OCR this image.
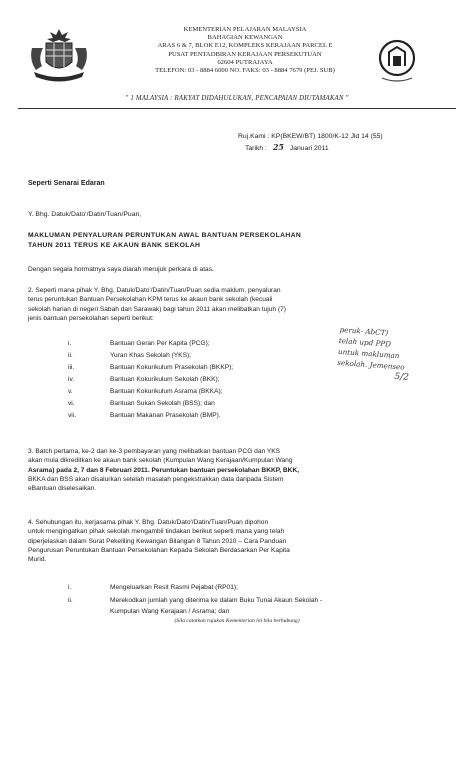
KEMENTERIAN PELAJARAN MALAYSIA
BAHAGIAN KEWANGAN
ARAS 6 & 7, BLOK E12, KOMPLEKS KERAJAAN PARCEL E
PUSAT PENTADBIRAN KERAJAAN PERSEKUTUAN
62604 PUTRAJAYA
TELEFON: 03 - 8884 6000 NO. FAKS: 03 - 8884 7679 (PEJ. SUB)
" 1 MALAYSIA : RAKYAT DIDAHULUKAN, PENCAPAIAN DIUTAMAKAN "
Ruj.Kami : KP(BKEW/BT) 1800/K-12 Jld 14 (55)
Tarikh : 25 Januari 2011
Seperti Senarai Edaran
Y. Bhg. Datuk/Dato'/Datin/Tuan/Puan,
MAKLUMAN PENYALURAN PERUNTUKAN AWAL BANTUAN PERSEKOLAHAN
TAHUN 2011 TERUS KE AKAUN BANK SEKOLAH
Dengan segala hormatnya saya diarah merujuk perkara di atas.
2. Seperti mana pihak Y. Bhg. Datuk/Dato'/Datin/Tuan/Puan sedia maklum, penyaluran
terus peruntukan Bantuan Persekolahan KPM terus ke akaun bank sekolah (kecuali
sekolah harian di negeri Sabah dan Sarawak) bagi tahun 2011 akan melibatkan tujuh (7)
jenis bantuan persekolahan seperti berikut:
i.	Bantuan Geran Per Kapita (PCG);
ii.	Yuran Khas Sekolah (YKS);
iii.	Bantuan Kokurikulum Prasekolah (BKKP);
iv.	Bantuan Kokurikulum Sekolah (BKK);
v.	Bantuan Kokurikulum Asrama (BKKA);
vi.	Bantuan Sukan Sekolah (BSS); dan
vii.	Bantuan Makanan Prasekolah (BMP).
peruk- AbCT)
telah upd PPD
untuk makluman
sekolah. Jemenseo
5/2
3. Batch pertama, ke-2 dan ke-3 pembayaran yang melibatkan bantuan PCG dan YKS
akan mula dikreditkan ke akaun bank sekolah (Kumpulan Wang Kerajaan/Kumpulan Wang
Asrama) pada 2, 7 dan 8 Februari 2011. Peruntukan bantuan persekolahan BKKP, BKK,
BKKA dan BSS akan disalurkan setelah masalah pengekstrakkan data daripada Sistem
eBantuan diselesaikan.
4. Sehubungan itu, kerjasama pihak Y. Bhg. Datuk/Dato'/Datin/Tuan/Puan dipohon
untuk mengingatkan pihak sekolah mengambil tindakan berikut seperti mana yang telah
diperjelaskan dalam Surat Pekeliling Kewangan Bilangan 8 Tahun 2010 – Cara Panduan
Pengurusan Peruntukan Bantuan Persekolahan Kepada Sekolah Berdasarkan Per Kapita
Murid.
i.	Mengeluarkan Resit Rasmi Pejabat (RP01);
ii.	Merekodkan jumlah yang diterima ke dalam Buku Tunai Akaun Sekolah -
Kumpulan Wang Kerajaan / Asrama; dan
(Sila catatkan rujukan Kementerian ini bila berhubung)
